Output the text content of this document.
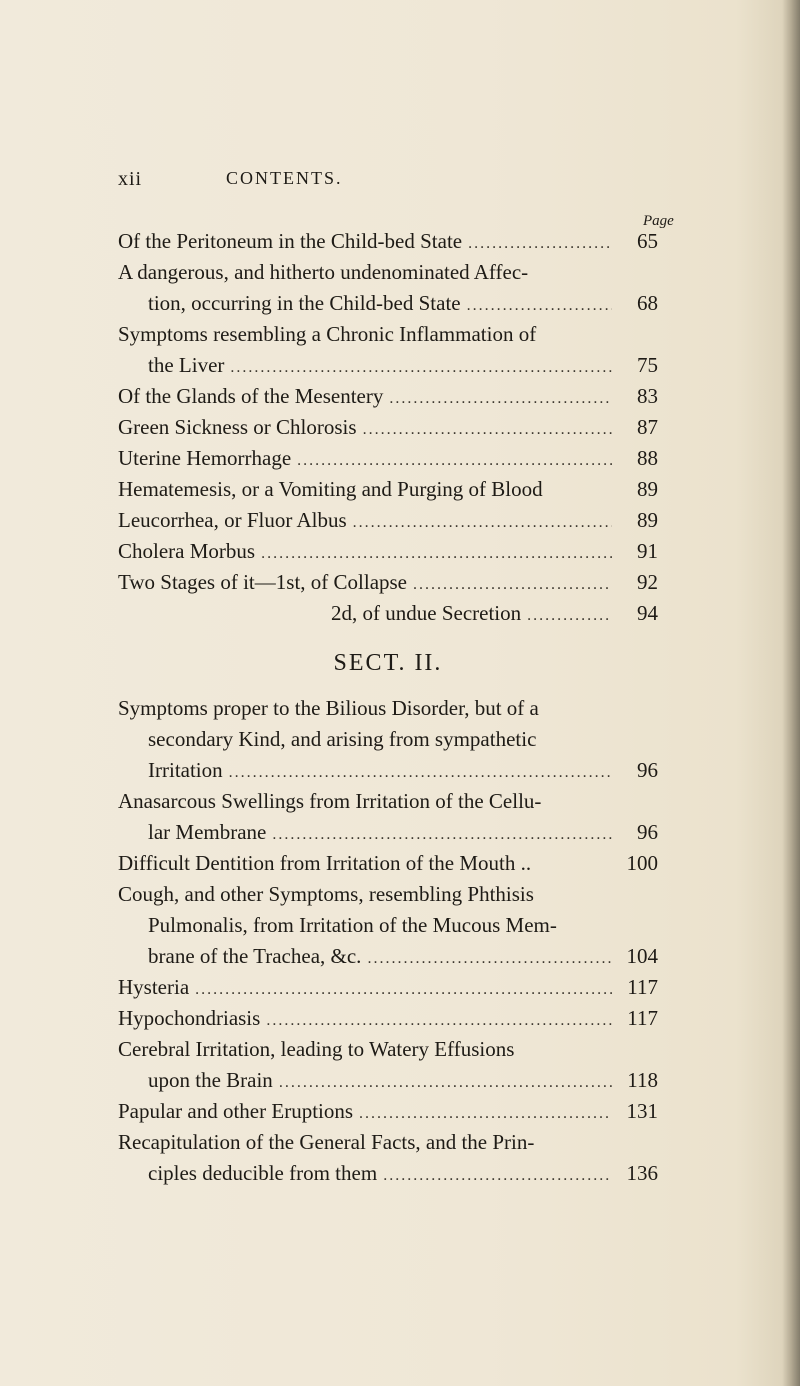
xii	CONTENTS.
Page
Of the Peritoneum in the Child-bed State . . .	65
A dangerous, and hitherto undenominated Affec-
tion, occurring in the Child-bed State . . .	68
Symptoms resembling a Chronic Inflammation of
the Liver . . .	75
Of the Glands of the Mesentery . . .	83
Green Sickness or Chlorosis . . .	87
Uterine Hemorrhage . . .	88
Hematemesis, or a Vomiting and Purging of Blood	89
Leucorrhea, or Fluor Albus . . .	89
Cholera Morbus . . .	91
Two Stages of it—1st, of Collapse . . .	92
2d, of undue Secretion . . .	94
SECT. II.
Symptoms proper to the Bilious Disorder, but of a
secondary Kind, and arising from sympathetic
Irritation . . .	96
Anasarcous Swellings from Irritation of the Cellu-
lar Membrane . . .	96
Difficult Dentition from Irritation of the Mouth ..	100
Cough, and other Symptoms, resembling Phthisis
Pulmonalis, from Irritation of the Mucous Mem-
brane of the Trachea, &c. . . .	104
Hysteria . . .	117
Hypochondriasis . . .	117
Cerebral Irritation, leading to Watery Effusions
upon the Brain . . .	118
Papular and other Eruptions . . .	131
Recapitulation of the General Facts, and the Prin-
ciples deducible from them . . .	136
